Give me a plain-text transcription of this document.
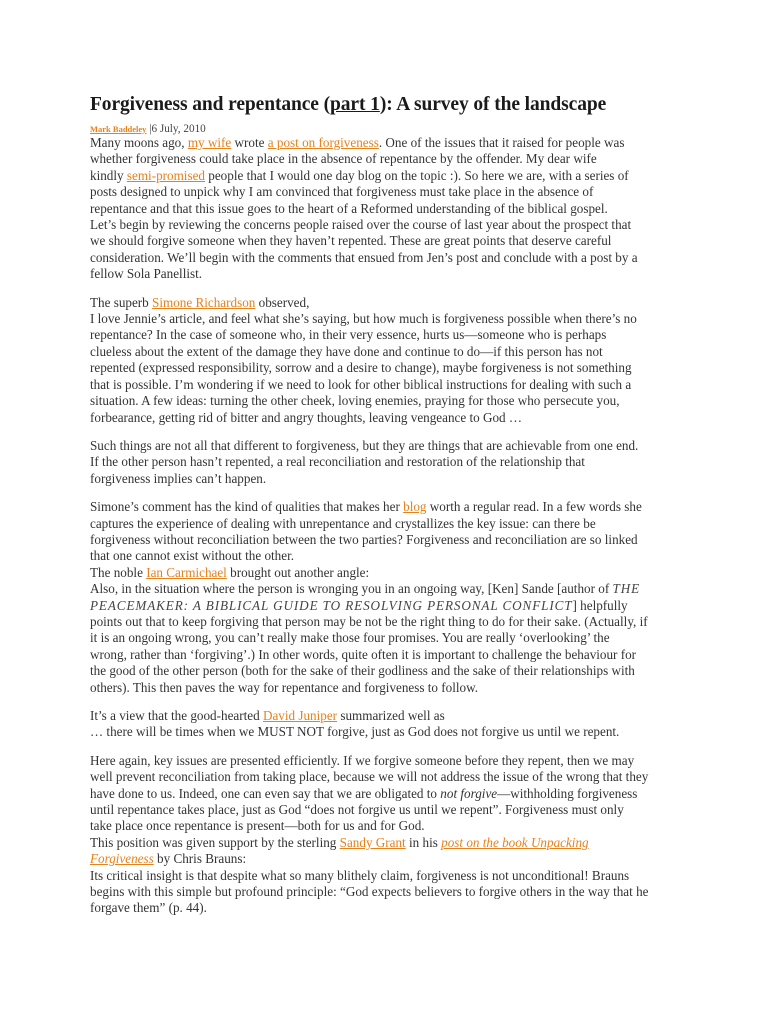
Forgiveness and repentance (part 1): A survey of the landscape
Mark Baddeley |6 July, 2010

Many moons ago, my wife wrote a post on forgiveness. One of the issues that it raised for people was

whether forgiveness could take place in the absence of repentance by the offender. My dear wife

kindly semi-promised people that I would one day blog on the topic :). So here we are, with a series of

posts designed to unpick why I am convinced that forgiveness must take place in the absence of

repentance and that this issue goes to the heart of a Reformed understanding of the biblical gospel.

Let’s begin by reviewing the concerns people raised over the course of last year about the prospect that

we should forgive someone when they haven’t repented. These are great points that deserve careful

consideration. We’ll begin with the comments that ensued from Jen’s post and conclude with a post by a

fellow Sola Panellist.

The superb Simone Richardson observed,

I love Jennie’s article, and feel what she’s saying, but how much is forgiveness possible when there’s no

repentance? In the case of someone who, in their very essence, hurts us—someone who is perhaps

clueless about the extent of the damage they have done and continue to do—if this person has not

repented (expressed responsibility, sorrow and a desire to change), maybe forgiveness is not something

that is possible. I’m wondering if we need to look for other biblical instructions for dealing with such a

situation. A few ideas: turning the other cheek, loving enemies, praying for those who persecute you,

forbearance, getting rid of bitter and angry thoughts, leaving vengeance to God …

Such things are not all that different to forgiveness, but they are things that are achievable from one end.

If the other person hasn’t repented, a real reconciliation and restoration of the relationship that

forgiveness implies can’t happen.

Simone’s comment has the kind of qualities that makes her blog worth a regular read. In a few words she

captures the experience of dealing with unrepentance and crystallizes the key issue: can there be

forgiveness without reconciliation between the two parties? Forgiveness and reconciliation are so linked

that one cannot exist without the other.

The noble Ian Carmichael brought out another angle:

Also, in the situation where the person is wronging you in an ongoing way, [Ken] Sande [author of THE

PEACEMAKER: A BIBLICAL GUIDE TO RESOLVING PERSONAL CONFLICT] helpfully

points out that to keep forgiving that person may be not be the right thing to do for their sake. (Actually, if

it is an ongoing wrong, you can’t really make those four promises. You are really ‘overlooking’ the

wrong, rather than ‘forgiving’.) In other words, quite often it is important to challenge the behaviour for

the good of the other person (both for the sake of their godliness and the sake of their relationships with

others). This then paves the way for repentance and forgiveness to follow.

It’s a view that the good-hearted David Juniper summarized well as

… there will be times when we MUST NOT forgive, just as God does not forgive us until we repent.

Here again, key issues are presented efficiently. If we forgive someone before they repent, then we may

well prevent reconciliation from taking place, because we will not address the issue of the wrong that they

have done to us. Indeed, one can even say that we are obligated to not forgive—withholding forgiveness

until repentance takes place, just as God “does not forgive us until we repent”. Forgiveness must only

take place once repentance is present—both for us and for God.

This position was given support by the sterling Sandy Grant in his post on the book Unpacking

Forgiveness by Chris Brauns:

Its critical insight is that despite what so many blithely claim, forgiveness is not unconditional! Brauns

begins with this simple but profound principle: “God expects believers to forgive others in the way that he

forgave them” (p. 44).
